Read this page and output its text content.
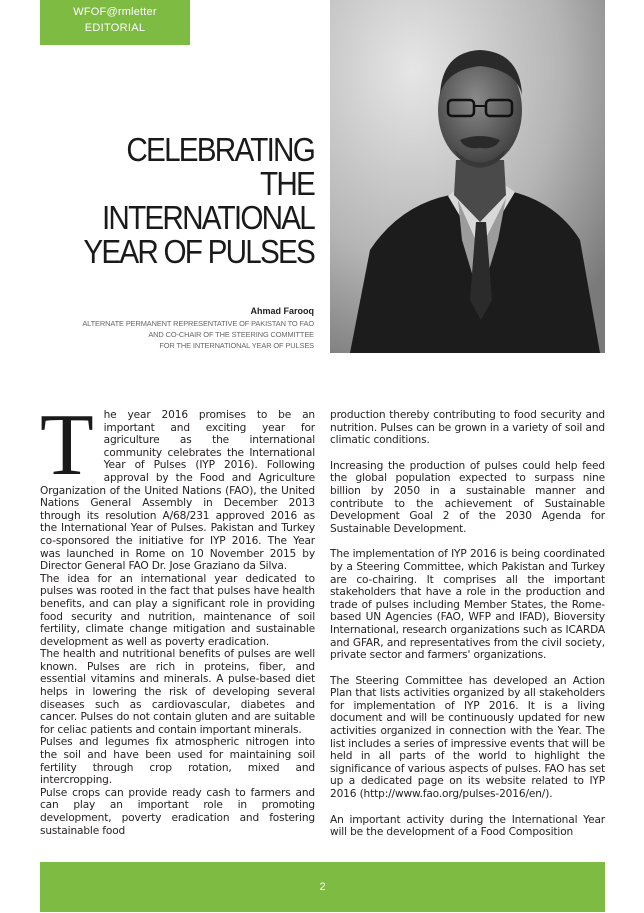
WFOF@rmletter
EDITORIAL
CELEBRATING
THE
INTERNATIONAL
YEAR OF PULSES
Ahmad Farooq
ALTERNATE PERMANENT REPRESENTATIVE OF PAKISTAN TO FAO
AND CO-CHAIR OF THE STEERING COMMITTEE
FOR THE INTERNATIONAL YEAR OF PULSES

The year 2016 promises to be an important and exciting year for agriculture as the international community celebrates the International Year of Pulses (IYP 2016). Following approval by the Food and Agriculture Organization of the United Nations (FAO), the United Nations General Assembly in December 2013 through its resolution A/68/231 approved 2016 as the International Year of Pulses. Pakistan and Turkey co-sponsored the initiative for IYP 2016. The Year was launched in Rome on 10 November 2015 by Director General FAO Dr. Jose Graziano da Silva.

The idea for an international year dedicated to pulses was rooted in the fact that pulses have health benefits, and can play a significant role in providing food security and nutrition, maintenance of soil fertility, climate change mitigation and sustainable development as well as poverty eradication.

The health and nutritional benefits of pulses are well known. Pulses are rich in proteins, fiber, and essential vitamins and minerals. A pulse-based diet helps in lowering the risk of developing several diseases such as cardiovascular, diabetes and cancer. Pulses do not contain gluten and are suitable for celiac patients and contain important minerals.

Pulses and legumes fix atmospheric nitrogen into the soil and have been used for maintaining soil fertility through crop rotation, mixed and intercropping.

Pulse crops can provide ready cash to farmers and can play an important role in promoting development, poverty eradication and fostering sustainable food

production thereby contributing to food security and nutrition. Pulses can be grown in a variety of soil and climatic conditions.

Increasing the production of pulses could help feed the global population expected to surpass nine billion by 2050 in a sustainable manner and contribute to the achievement of Sustainable Development Goal 2 of the 2030 Agenda for Sustainable Development.

The implementation of IYP 2016 is being coordinated by a Steering Committee, which Pakistan and Turkey are co-chairing. It comprises all the important stakeholders that have a role in the production and trade of pulses including Member States, the Rome-based UN Agencies (FAO, WFP and IFAD), Bioversity International, research organizations such as ICARDA and GFAR, and representatives from the civil society, private sector and farmers' organizations.

The Steering Committee has developed an Action Plan that lists activities organized by all stakeholders for implementation of IYP 2016. It is a living document and will be continuously updated for new activities organized in connection with the Year. The list includes a series of impressive events that will be held in all parts of the world to highlight the significance of various aspects of pulses. FAO has set up a dedicated page on its website related to IYP 2016 (http://www.fao.org/pulses-2016/en/).

An important activity during the International Year will be the development of a Food Composition

2
